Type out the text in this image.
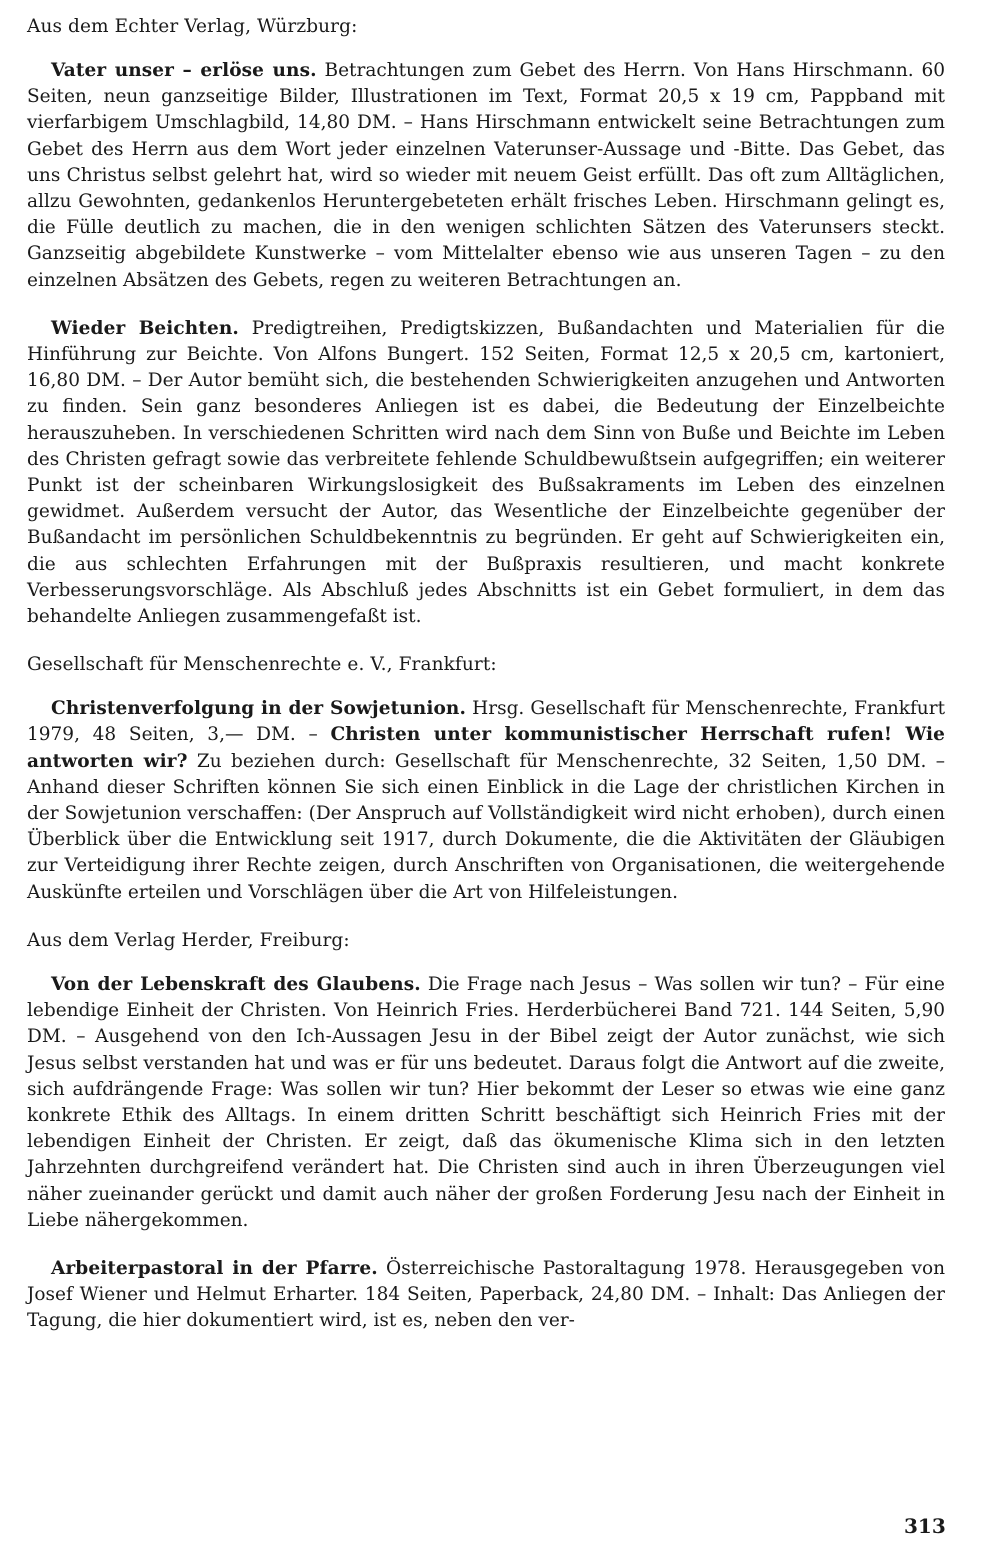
Aus dem Echter Verlag, Würzburg:

Vater unser – erlöse uns. Betrachtungen zum Gebet des Herrn. Von Hans Hirschmann. 60 Seiten, neun ganzseitige Bilder, Illustrationen im Text, Format 20,5 x 19 cm, Pappband mit vierfarbigem Umschlagbild, 14,80 DM. – Hans Hirschmann entwickelt seine Betrachtungen zum Gebet des Herrn aus dem Wort jeder einzelnen Vaterunser-Aussage und -Bitte. Das Gebet, das uns Christus selbst gelehrt hat, wird so wieder mit neuem Geist erfüllt. Das oft zum Alltäglichen, allzu Gewohnten, gedankenlos Heruntergebeteten erhält frisches Leben. Hirschmann gelingt es, die Fülle deutlich zu machen, die in den wenigen schlichten Sätzen des Vaterunsers steckt. Ganzseitig abgebildete Kunstwerke – vom Mittelalter ebenso wie aus unseren Tagen – zu den einzelnen Absätzen des Gebets, regen zu weiteren Betrachtungen an.

Wieder Beichten. Predigtreihen, Predigtskizzen, Bußandachten und Materialien für die Hinführung zur Beichte. Von Alfons Bungert. 152 Seiten, Format 12,5 x 20,5 cm, kartoniert, 16,80 DM. – Der Autor bemüht sich, die bestehenden Schwierigkeiten anzugehen und Antworten zu finden. Sein ganz besonderes Anliegen ist es dabei, die Bedeutung der Einzelbeichte herauszuheben. In verschiedenen Schritten wird nach dem Sinn von Buße und Beichte im Leben des Christen gefragt sowie das verbreitete fehlende Schuldbewußtsein aufgegriffen; ein weiterer Punkt ist der scheinbaren Wirkungslosigkeit des Bußsakraments im Leben des einzelnen gewidmet. Außerdem versucht der Autor, das Wesentliche der Einzelbeichte gegenüber der Bußandacht im persönlichen Schuldbekenntnis zu begründen. Er geht auf Schwierigkeiten ein, die aus schlechten Erfahrungen mit der Bußpraxis resultieren, und macht konkrete Verbesserungsvorschläge. Als Abschluß jedes Abschnitts ist ein Gebet formuliert, in dem das behandelte Anliegen zusammengefaßt ist.

Gesellschaft für Menschenrechte e. V., Frankfurt:

Christenverfolgung in der Sowjetunion. Hrsg. Gesellschaft für Menschenrechte, Frankfurt 1979, 48 Seiten, 3,— DM. – Christen unter kommunistischer Herrschaft rufen! Wie antworten wir? Zu beziehen durch: Gesellschaft für Menschenrechte, 32 Seiten, 1,50 DM. – Anhand dieser Schriften können Sie sich einen Einblick in die Lage der christlichen Kirchen in der Sowjetunion verschaffen: (Der Anspruch auf Vollständigkeit wird nicht erhoben), durch einen Überblick über die Entwicklung seit 1917, durch Dokumente, die die Aktivitäten der Gläubigen zur Verteidigung ihrer Rechte zeigen, durch Anschriften von Organisationen, die weitergehende Auskünfte erteilen und Vorschlägen über die Art von Hilfeleistungen.

Aus dem Verlag Herder, Freiburg:

Von der Lebenskraft des Glaubens. Die Frage nach Jesus – Was sollen wir tun? – Für eine lebendige Einheit der Christen. Von Heinrich Fries. Herderbücherei Band 721. 144 Seiten, 5,90 DM. – Ausgehend von den Ich-Aussagen Jesu in der Bibel zeigt der Autor zunächst, wie sich Jesus selbst verstanden hat und was er für uns bedeutet. Daraus folgt die Antwort auf die zweite, sich aufdrängende Frage: Was sollen wir tun? Hier bekommt der Leser so etwas wie eine ganz konkrete Ethik des Alltags. In einem dritten Schritt beschäftigt sich Heinrich Fries mit der lebendigen Einheit der Christen. Er zeigt, daß das ökumenische Klima sich in den letzten Jahrzehnten durchgreifend verändert hat. Die Christen sind auch in ihren Überzeugungen viel näher zueinander gerückt und damit auch näher der großen Forderung Jesu nach der Einheit in Liebe nähergekommen.

Arbeiterpastoral in der Pfarre. Österreichische Pastoraltagung 1978. Herausgegeben von Josef Wiener und Helmut Erharter. 184 Seiten, Paperback, 24,80 DM. – Inhalt: Das Anliegen der Tagung, die hier dokumentiert wird, ist es, neben den ver-

313
